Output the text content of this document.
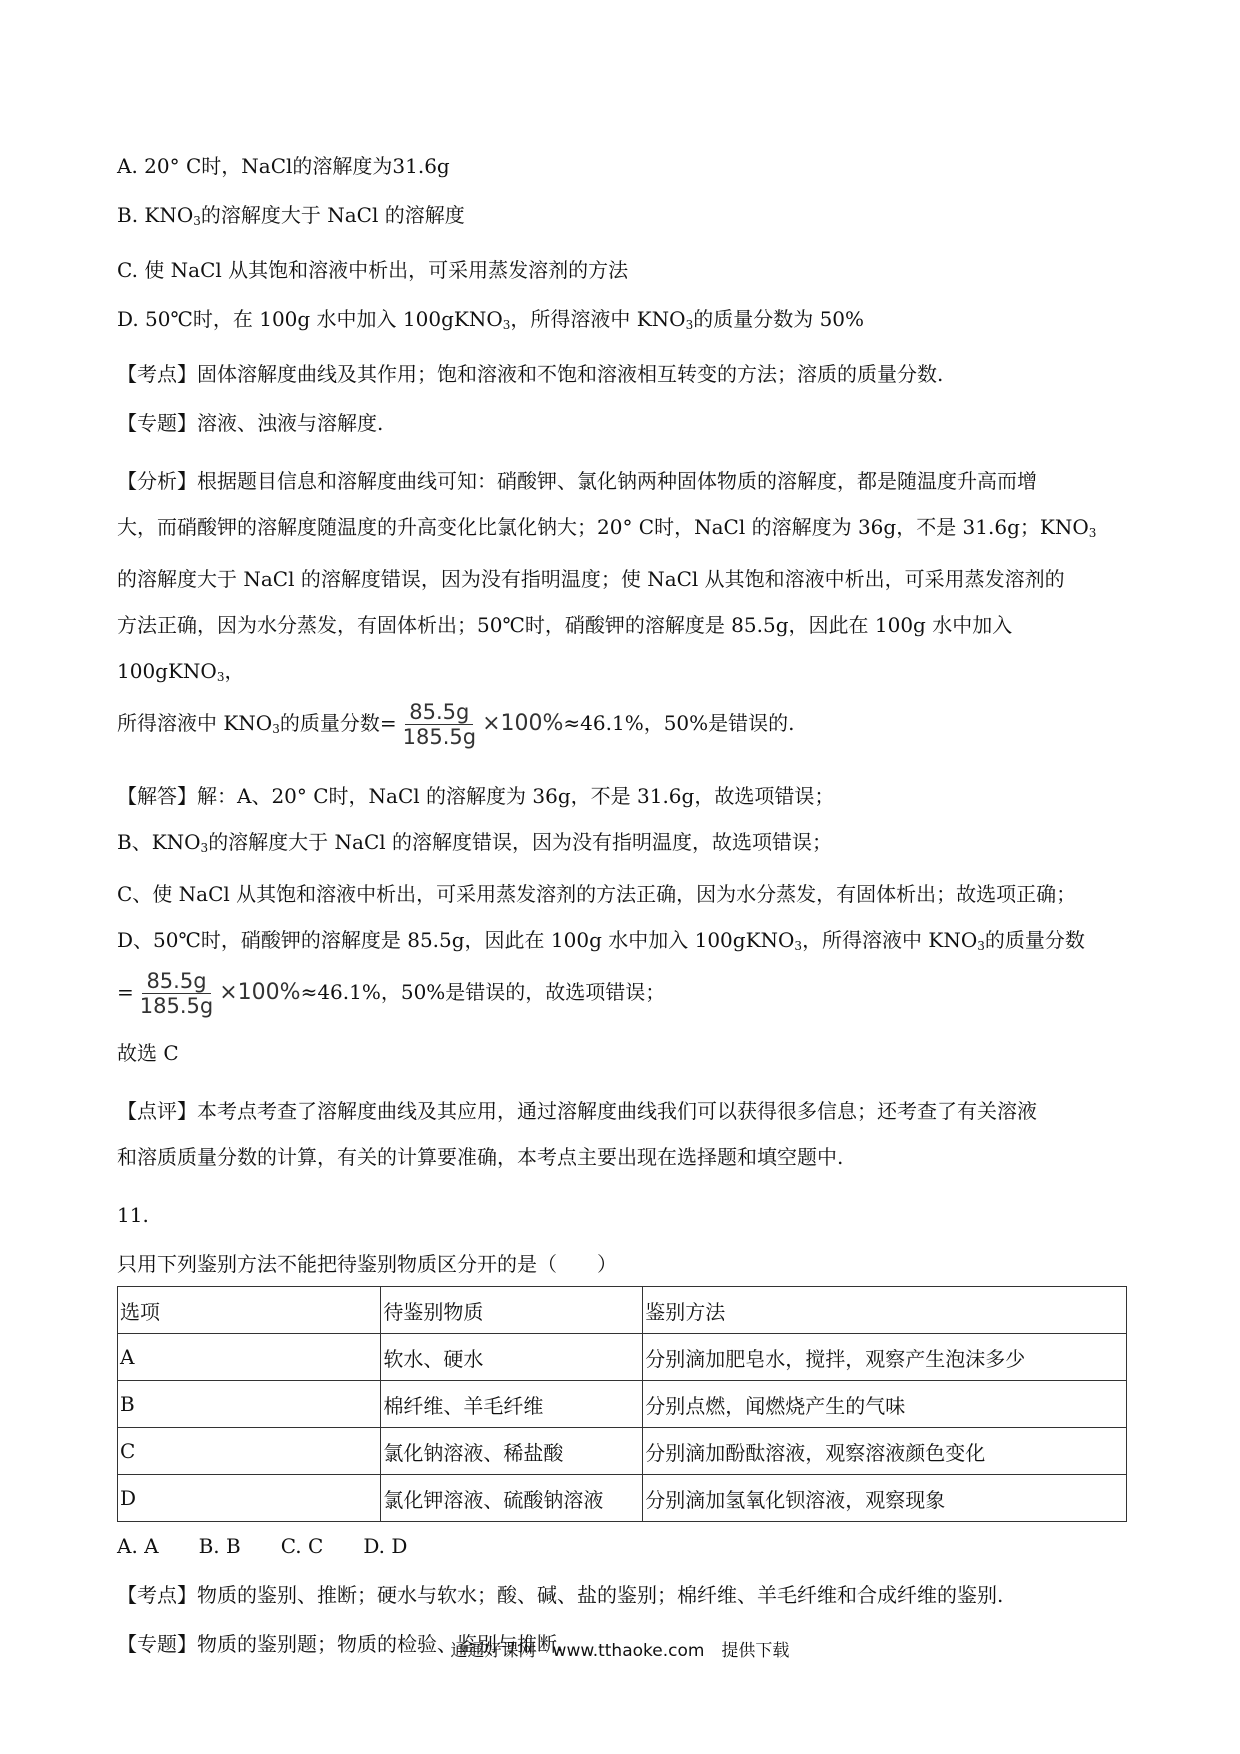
A. 20° C时，NaCl的溶解度为31.6g

B. $KNO_3$的溶解度大于 NaCl 的溶解度

C. 使 NaCl 从其饱和溶液中析出，可采用蒸发溶剂的方法

D. 50℃时，在 100g 水中加入 100gKNO$_3$，所得溶液中 $KNO_3$的质量分数为 50%

【考点】固体溶解度曲线及其作用；饱和溶液和不饱和溶液相互转变的方法；溶质的质量分数.

【专题】溶液、浊液与溶解度.

【分析】根据题目信息和溶解度曲线可知：硝酸钾、氯化钠两种固体物质的溶解度，都是随温度升高而增

大，而硝酸钾的溶解度随温度的升高变化比氯化钠大；20° C时，NaCl 的溶解度为 36g，不是 31.6g；$KNO_3$

的溶解度大于 NaCl 的溶解度错误，因为没有指明温度；使 NaCl 从其饱和溶液中析出，可采用蒸发溶剂的

方法正确，因为水分蒸发，有固体析出；50℃时，硝酸钾的溶解度是 85.5g，因此在 100g 水中加入 100gKNO$_3$，

所得溶液中 $KNO_3$的质量分数= $\frac{85.5g}{185.5g} \times 100\%\approx 46.1\%$，50%是错误的.

【解答】解：A、20° C时，NaCl 的溶解度为 36g，不是 31.6g，故选项错误；

B、$KNO_3$的溶解度大于 NaCl 的溶解度错误，因为没有指明温度，故选项错误；

C、使 NaCl 从其饱和溶液中析出，可采用蒸发溶剂的方法正确，因为水分蒸发，有固体析出；故选项正确；

D、50℃时，硝酸钾的溶解度是 85.5g，因此在 100g 水中加入 100gKNO$_3$，所得溶液中 $KNO_3$的质量分数

= $\frac{85.5g}{185.5g} \times 100\%\approx 46.1\%$，50%是错误的，故选项错误；

故选 C

【点评】本考点考查了溶解度曲线及其应用，通过溶解度曲线我们可以获得很多信息；还考查了有关溶液

和溶质质量分数的计算，有关的计算要准确，本考点主要出现在选择题和填空题中.

11.

只用下列鉴别方法不能把待鉴别物质区分开的是（　　）

选项	待鉴别物质	鉴别方法
A	软水、硬水	分别滴加肥皂水，搅拌，观察产生泡沫多少
B	棉纤维、羊毛纤维	分别点燃，闻燃烧产生的气味
C	氯化钠溶液、稀盐酸	分别滴加酚酞溶液，观察溶液颜色变化
D	氯化钾溶液、硫酸钠溶液	分别滴加氢氧化钡溶液，观察现象

A. A　　B. B　　C. C　　D. D

【考点】物质的鉴别、推断；硬水与软水；酸、碱、盐的鉴别；棉纤维、羊毛纤维和合成纤维的鉴别.

【专题】物质的鉴别题；物质的检验、鉴别与推断.

通通好课网　www.tthaoke.com　提供下载
